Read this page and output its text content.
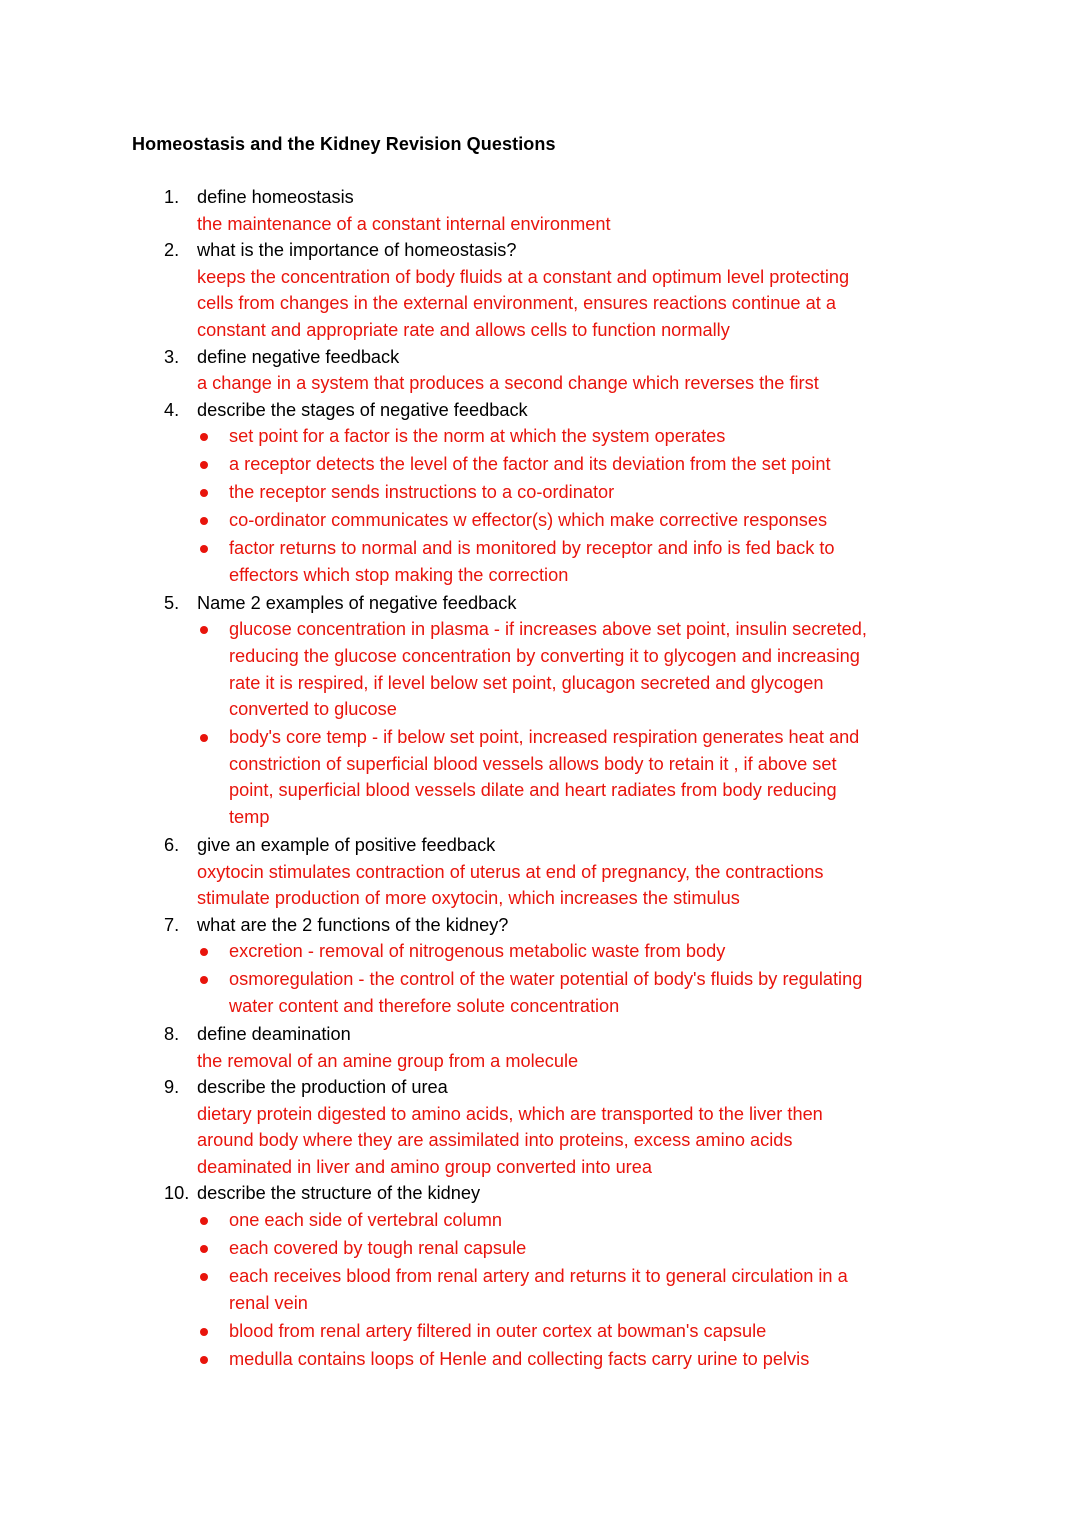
Homeostasis and the Kidney Revision Questions
1. define homeostasis
the maintenance of a constant internal environment
2. what is the importance of homeostasis?
keeps the concentration of body fluids at a constant and optimum level protecting
cells from changes in the external environment, ensures reactions continue at a
constant and appropriate rate and allows cells to function normally
3. define negative feedback
a change in a system that produces a second change which reverses the first
4. describe the stages of negative feedback
set point for a factor is the norm at which the system operates
a receptor detects the level of the factor and its deviation from the set point
the receptor sends instructions to a co-ordinator
co-ordinator communicates w effector(s) which make corrective responses
factor returns to normal and is monitored by receptor and info is fed back to
effectors which stop making the correction
5. Name 2 examples of negative feedback
glucose concentration in plasma - if increases above set point, insulin secreted,
reducing the glucose concentration by converting it to glycogen and increasing
rate it is respired, if level below set point, glucagon secreted and glycogen
converted to glucose
body's core temp - if below set point, increased respiration generates heat and
constriction of superficial blood vessels allows body to retain it , if above set
point, superficial blood vessels dilate and heart radiates from body reducing
temp
6. give an example of positive feedback
oxytocin stimulates contraction of uterus at end of pregnancy, the contractions
stimulate production of more oxytocin, which increases the stimulus
7. what are the 2 functions of the kidney?
excretion - removal of nitrogenous metabolic waste from body
osmoregulation - the control of the water potential of body's fluids by regulating
water content and therefore solute concentration
8. define deamination
the removal of an amine group from a molecule
9. describe the production of urea
dietary protein digested to amino acids, which are transported to the liver then
around body where they are assimilated into proteins, excess amino acids
deaminated in liver and amino group converted into urea
10. describe the structure of the kidney
one each side of vertebral column
each covered by tough renal capsule
each receives blood from renal artery and returns it to general circulation in a
renal vein
blood from renal artery filtered in outer cortex at bowman's capsule
medulla contains loops of Henle and collecting facts carry urine to pelvis
